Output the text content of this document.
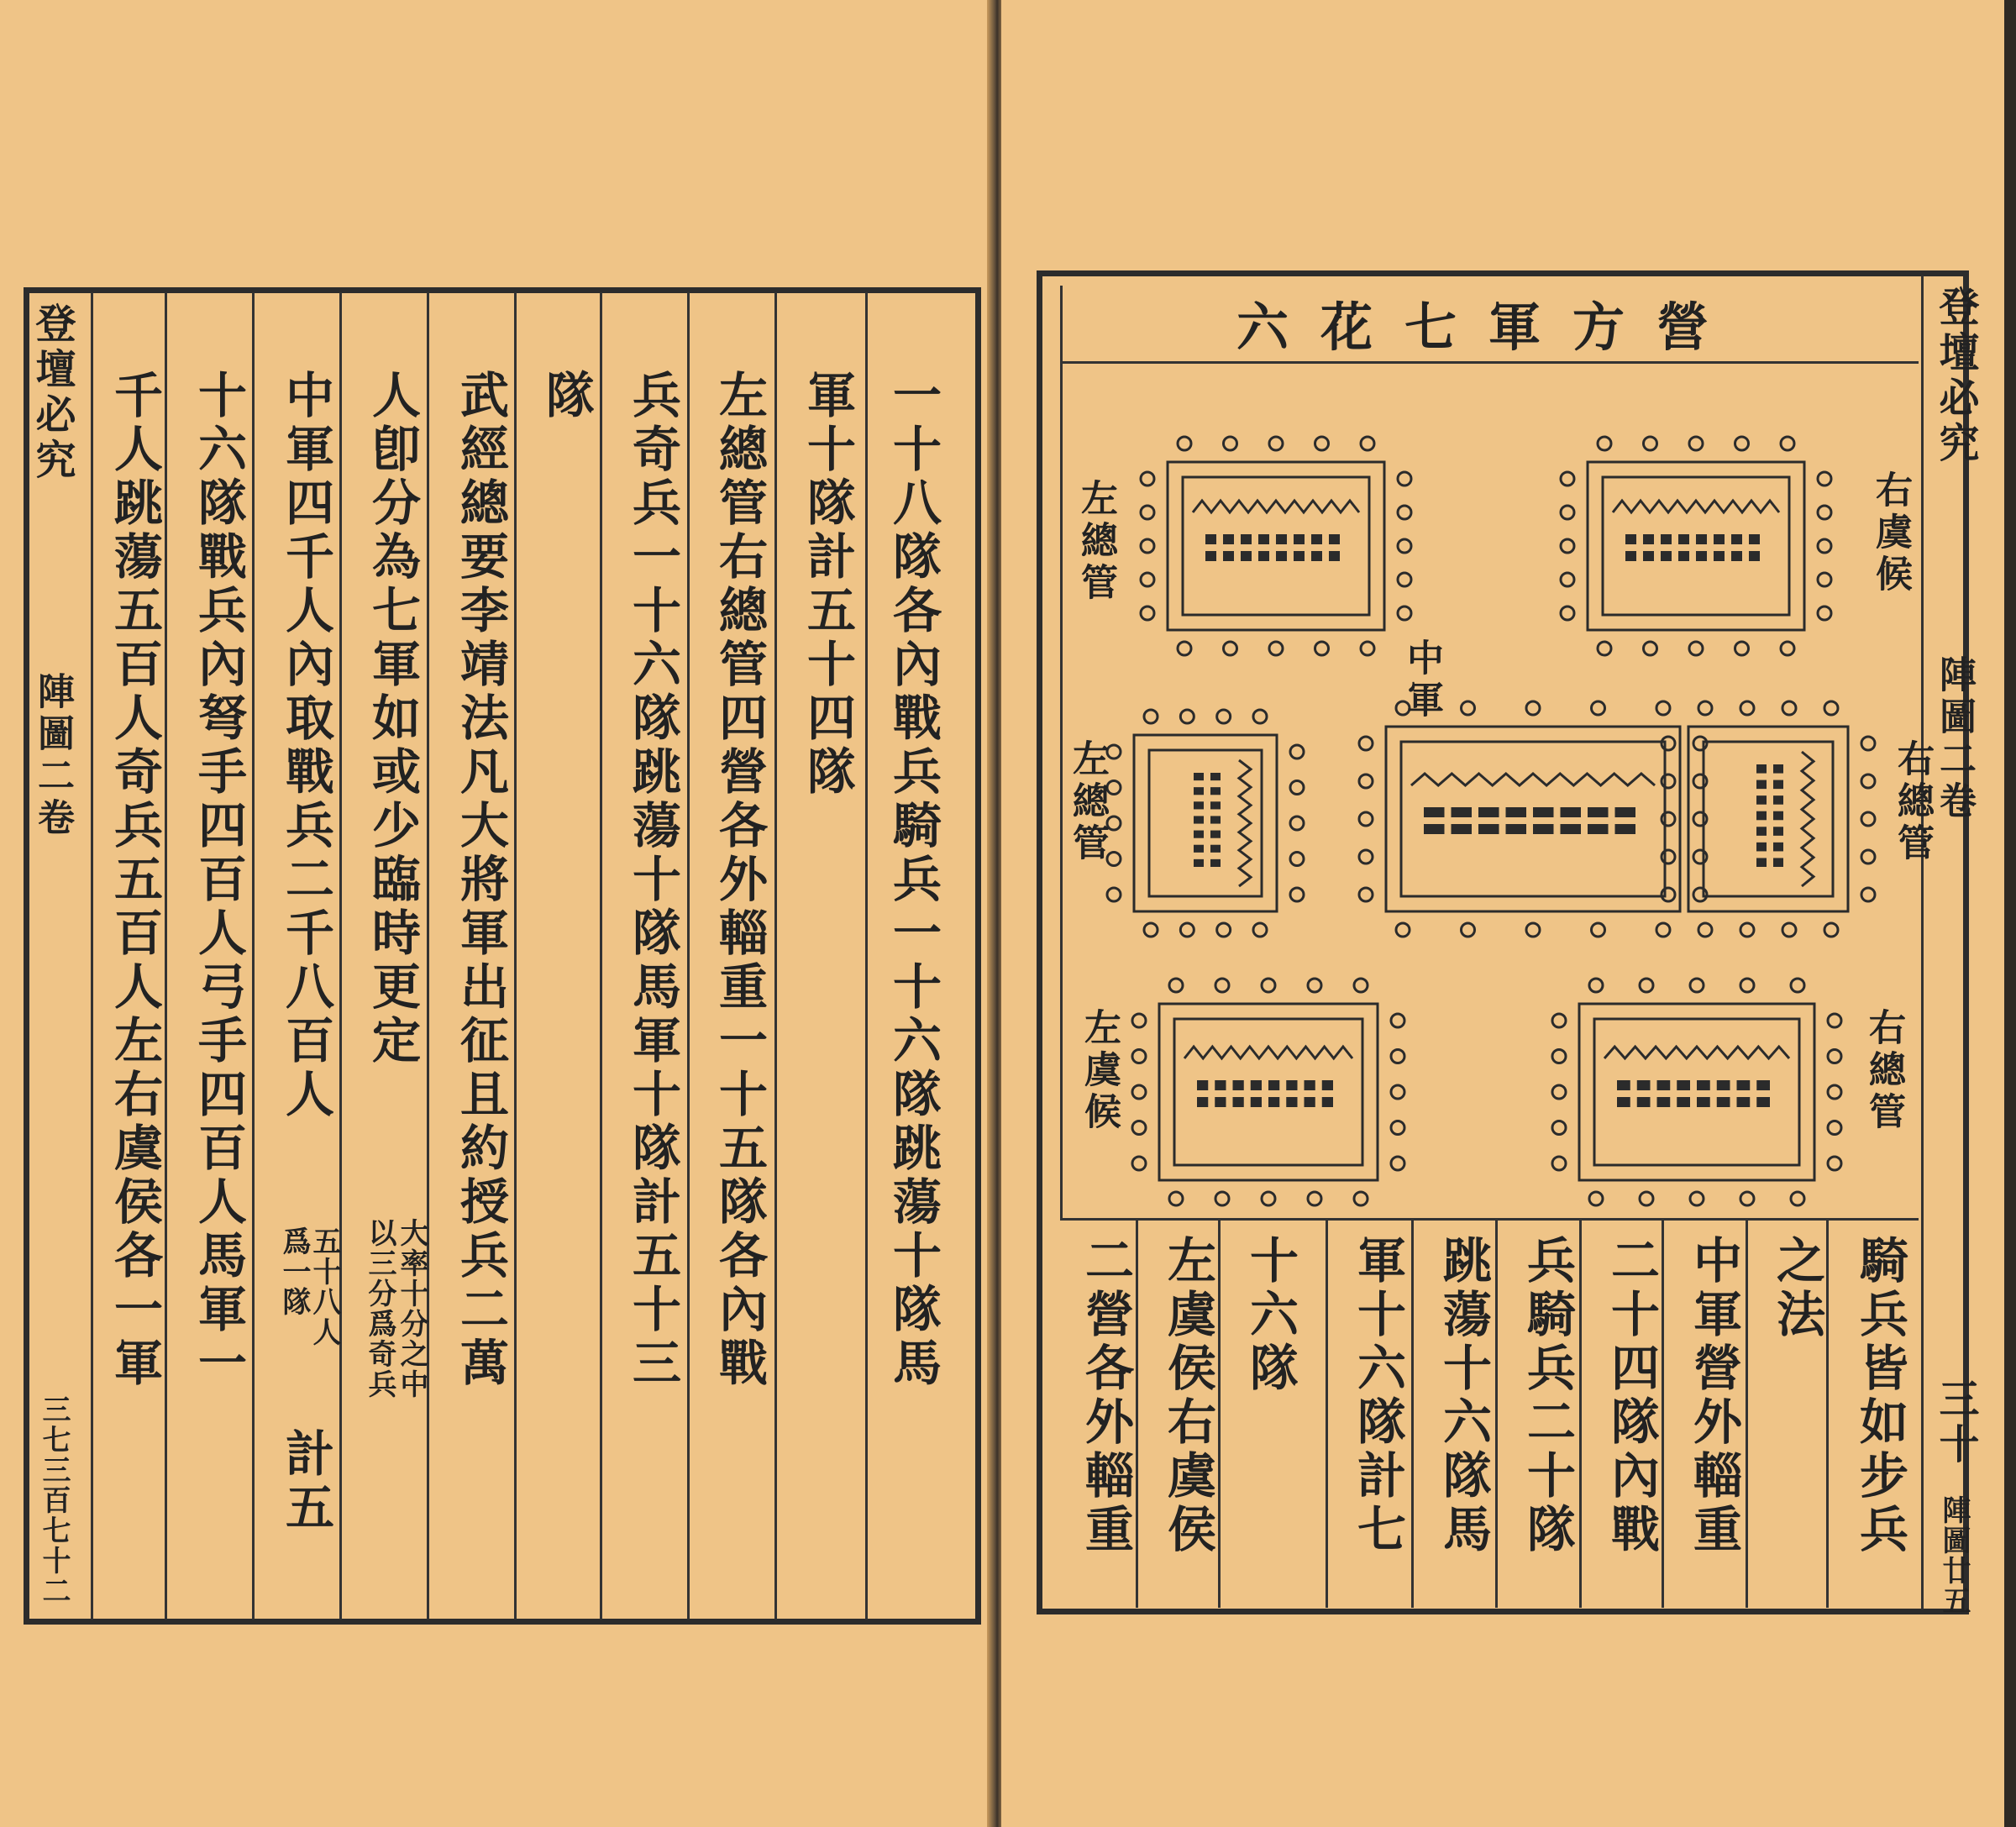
登壇必究
陣圖二卷
三七三百七十二
一十八隊各內戰兵騎兵一十六隊跳蕩十隊馬
軍十隊計五十四隊
左總管右總管四營各外輜重一十五隊各內戰
兵奇兵一十六隊跳蕩十隊馬軍十隊計五十三
隊
武經總要李靖法凡大將軍出征且約授兵二萬
人卽分為七軍如或少臨時更定
大率十分之中
以三分爲奇兵
中軍四千人內取戰兵二千八百人
五十八人
爲一隊
計五
十六隊戰兵內弩手四百人弓手四百人馬軍一
千人跳蕩五百人奇兵五百人左右虞侯各一軍	登壇必究
陣圖二卷
三十
陣圖廿五
六花七軍方營
右虞候
左總管
中軍
左總管	右總管
左虞候	右總管
騎兵皆如步兵
之法
中軍營外輜重
二十四隊內戰
兵騎兵二十隊
跳蕩十六隊馬
軍十六隊計七
十六隊
左虞侯右虞侯
二營各外輜重
